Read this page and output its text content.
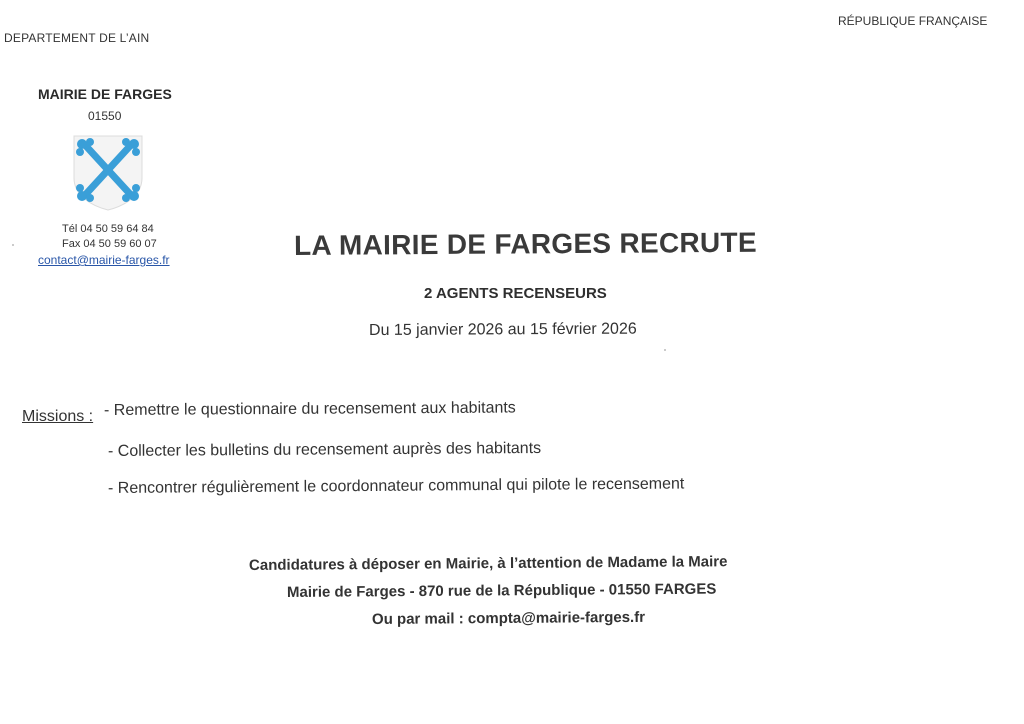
DEPARTEMENT DE L’AIN
RÉPUBLIQUE FRANÇAISE
MAIRIE DE FARGES
01550
Tél 04 50 59 64 84
Fax 04 50 59 60 07
contact@mairie-farges.fr	LA MAIRIE DE FARGES RECRUTE
2 AGENTS RECENSEURS
Du 15 janvier 2026 au 15 février 2026
Missions : - Remettre le questionnaire du recensement aux habitants
- Collecter les bulletins du recensement auprès des habitants
- Rencontrer régulièrement le coordonnateur communal qui pilote le recensement
Candidatures à déposer en Mairie, à l’attention de Madame la Maire
Mairie de Farges - 870 rue de la République - 01550 FARGES
Ou par mail : compta@mairie-farges.fr
